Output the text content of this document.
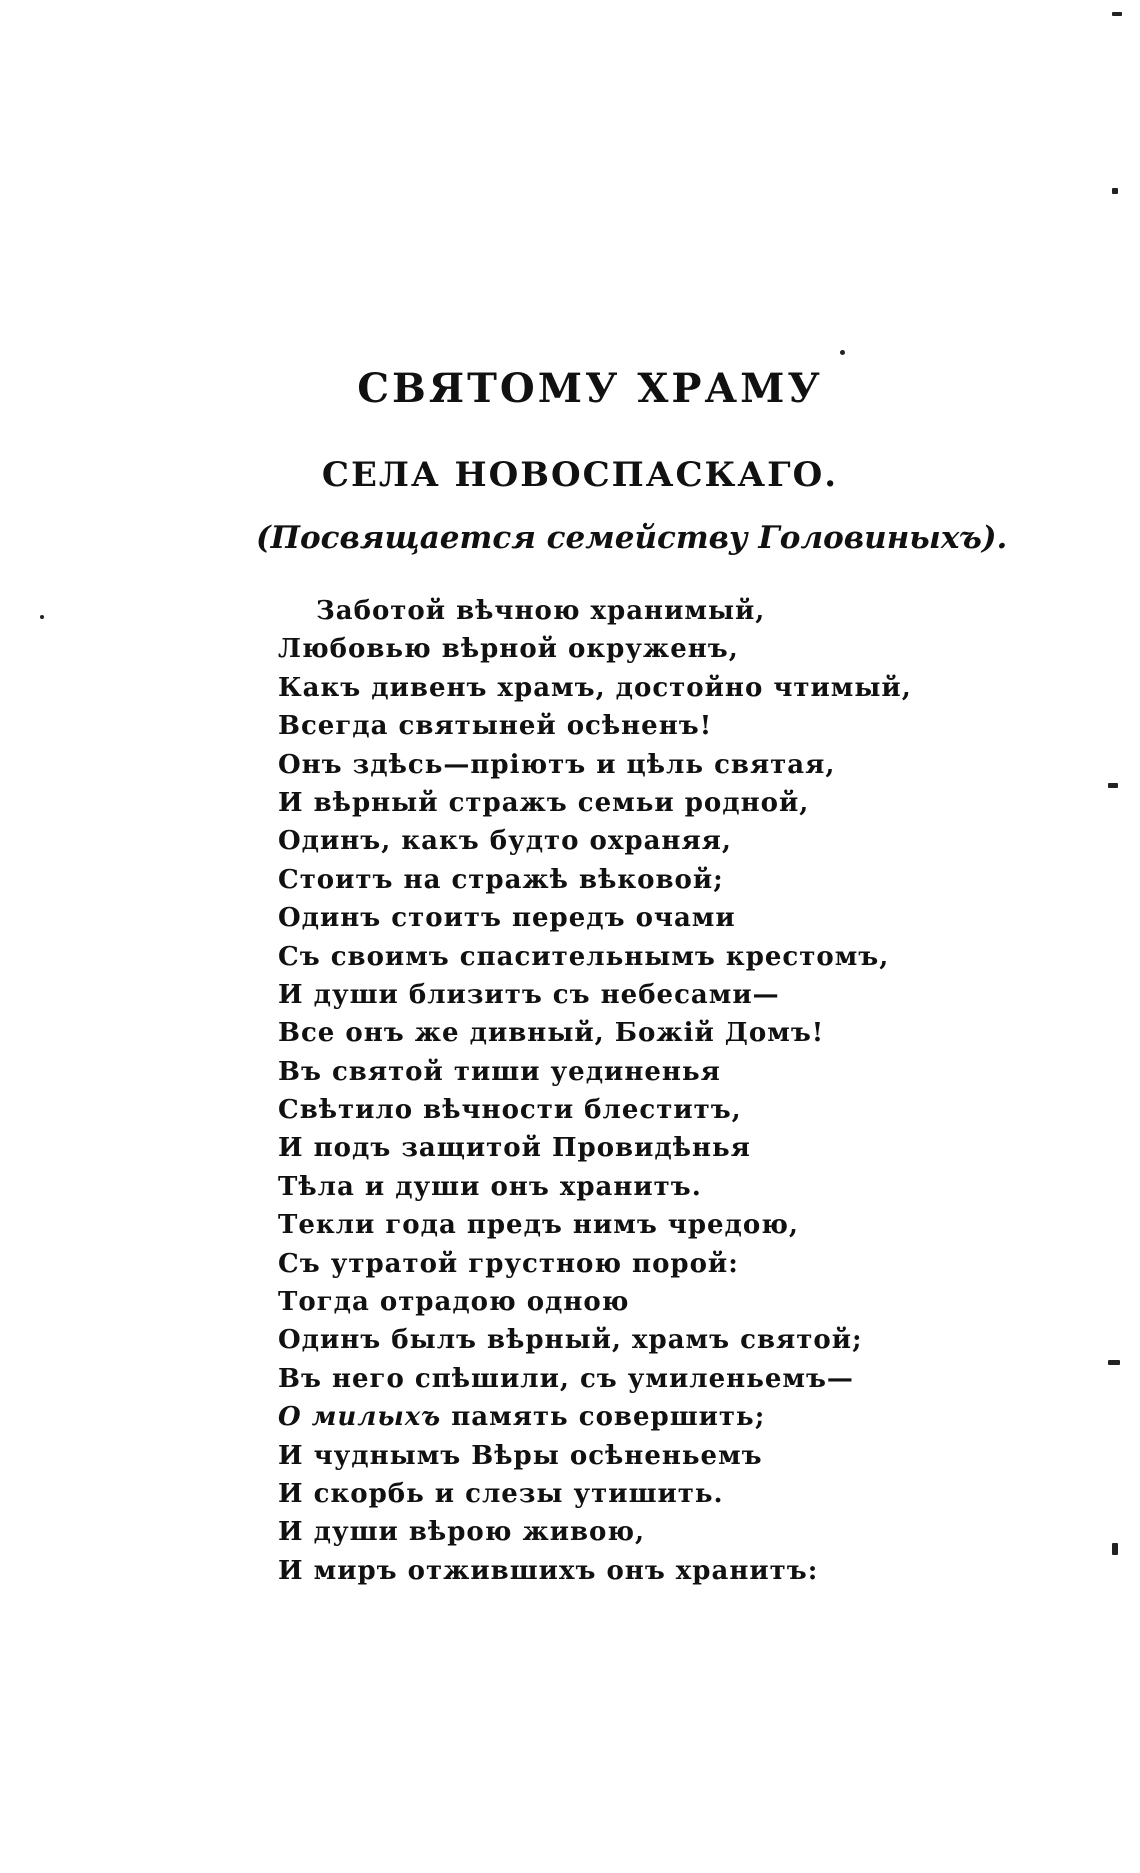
СВЯТОМУ ХРАМУ
СЕЛА НОВОСПАСКАГО.
(Посвящается семейству Головиныхъ).
Заботой вѣчною хранимый,
Любовью вѣрной окруженъ,
Какъ дивенъ храмъ, достойно чтимый,
Всегда святыней осѣненъ!
Онъ здѣсь—пріютъ и цѣль святая,
И вѣрный стражъ семьи родной,
Одинъ, какъ будто охраняя,
Стоитъ на стражѣ вѣковой;
Одинъ стоитъ передъ очами
Съ своимъ спасительнымъ крестомъ,
И души близитъ съ небесами—
Все онъ же дивный, Божій Домъ!
Въ святой тиши уединенья
Свѣтило вѣчности блеститъ,
И подъ защитой Провидѣнья
Тѣла и души онъ хранитъ.
Текли года предъ нимъ чредою,
Съ утратой грустною порой:
Тогда отрадою одною
Одинъ былъ вѣрный, храмъ святой;
Въ него спѣшили, съ умиленьемъ—
О милыхъ память совершить;
И чуднымъ Вѣры осѣненьемъ
И скорбь и слезы утишить.
И души вѣрою живою,
И миръ отжившихъ онъ хранитъ:
